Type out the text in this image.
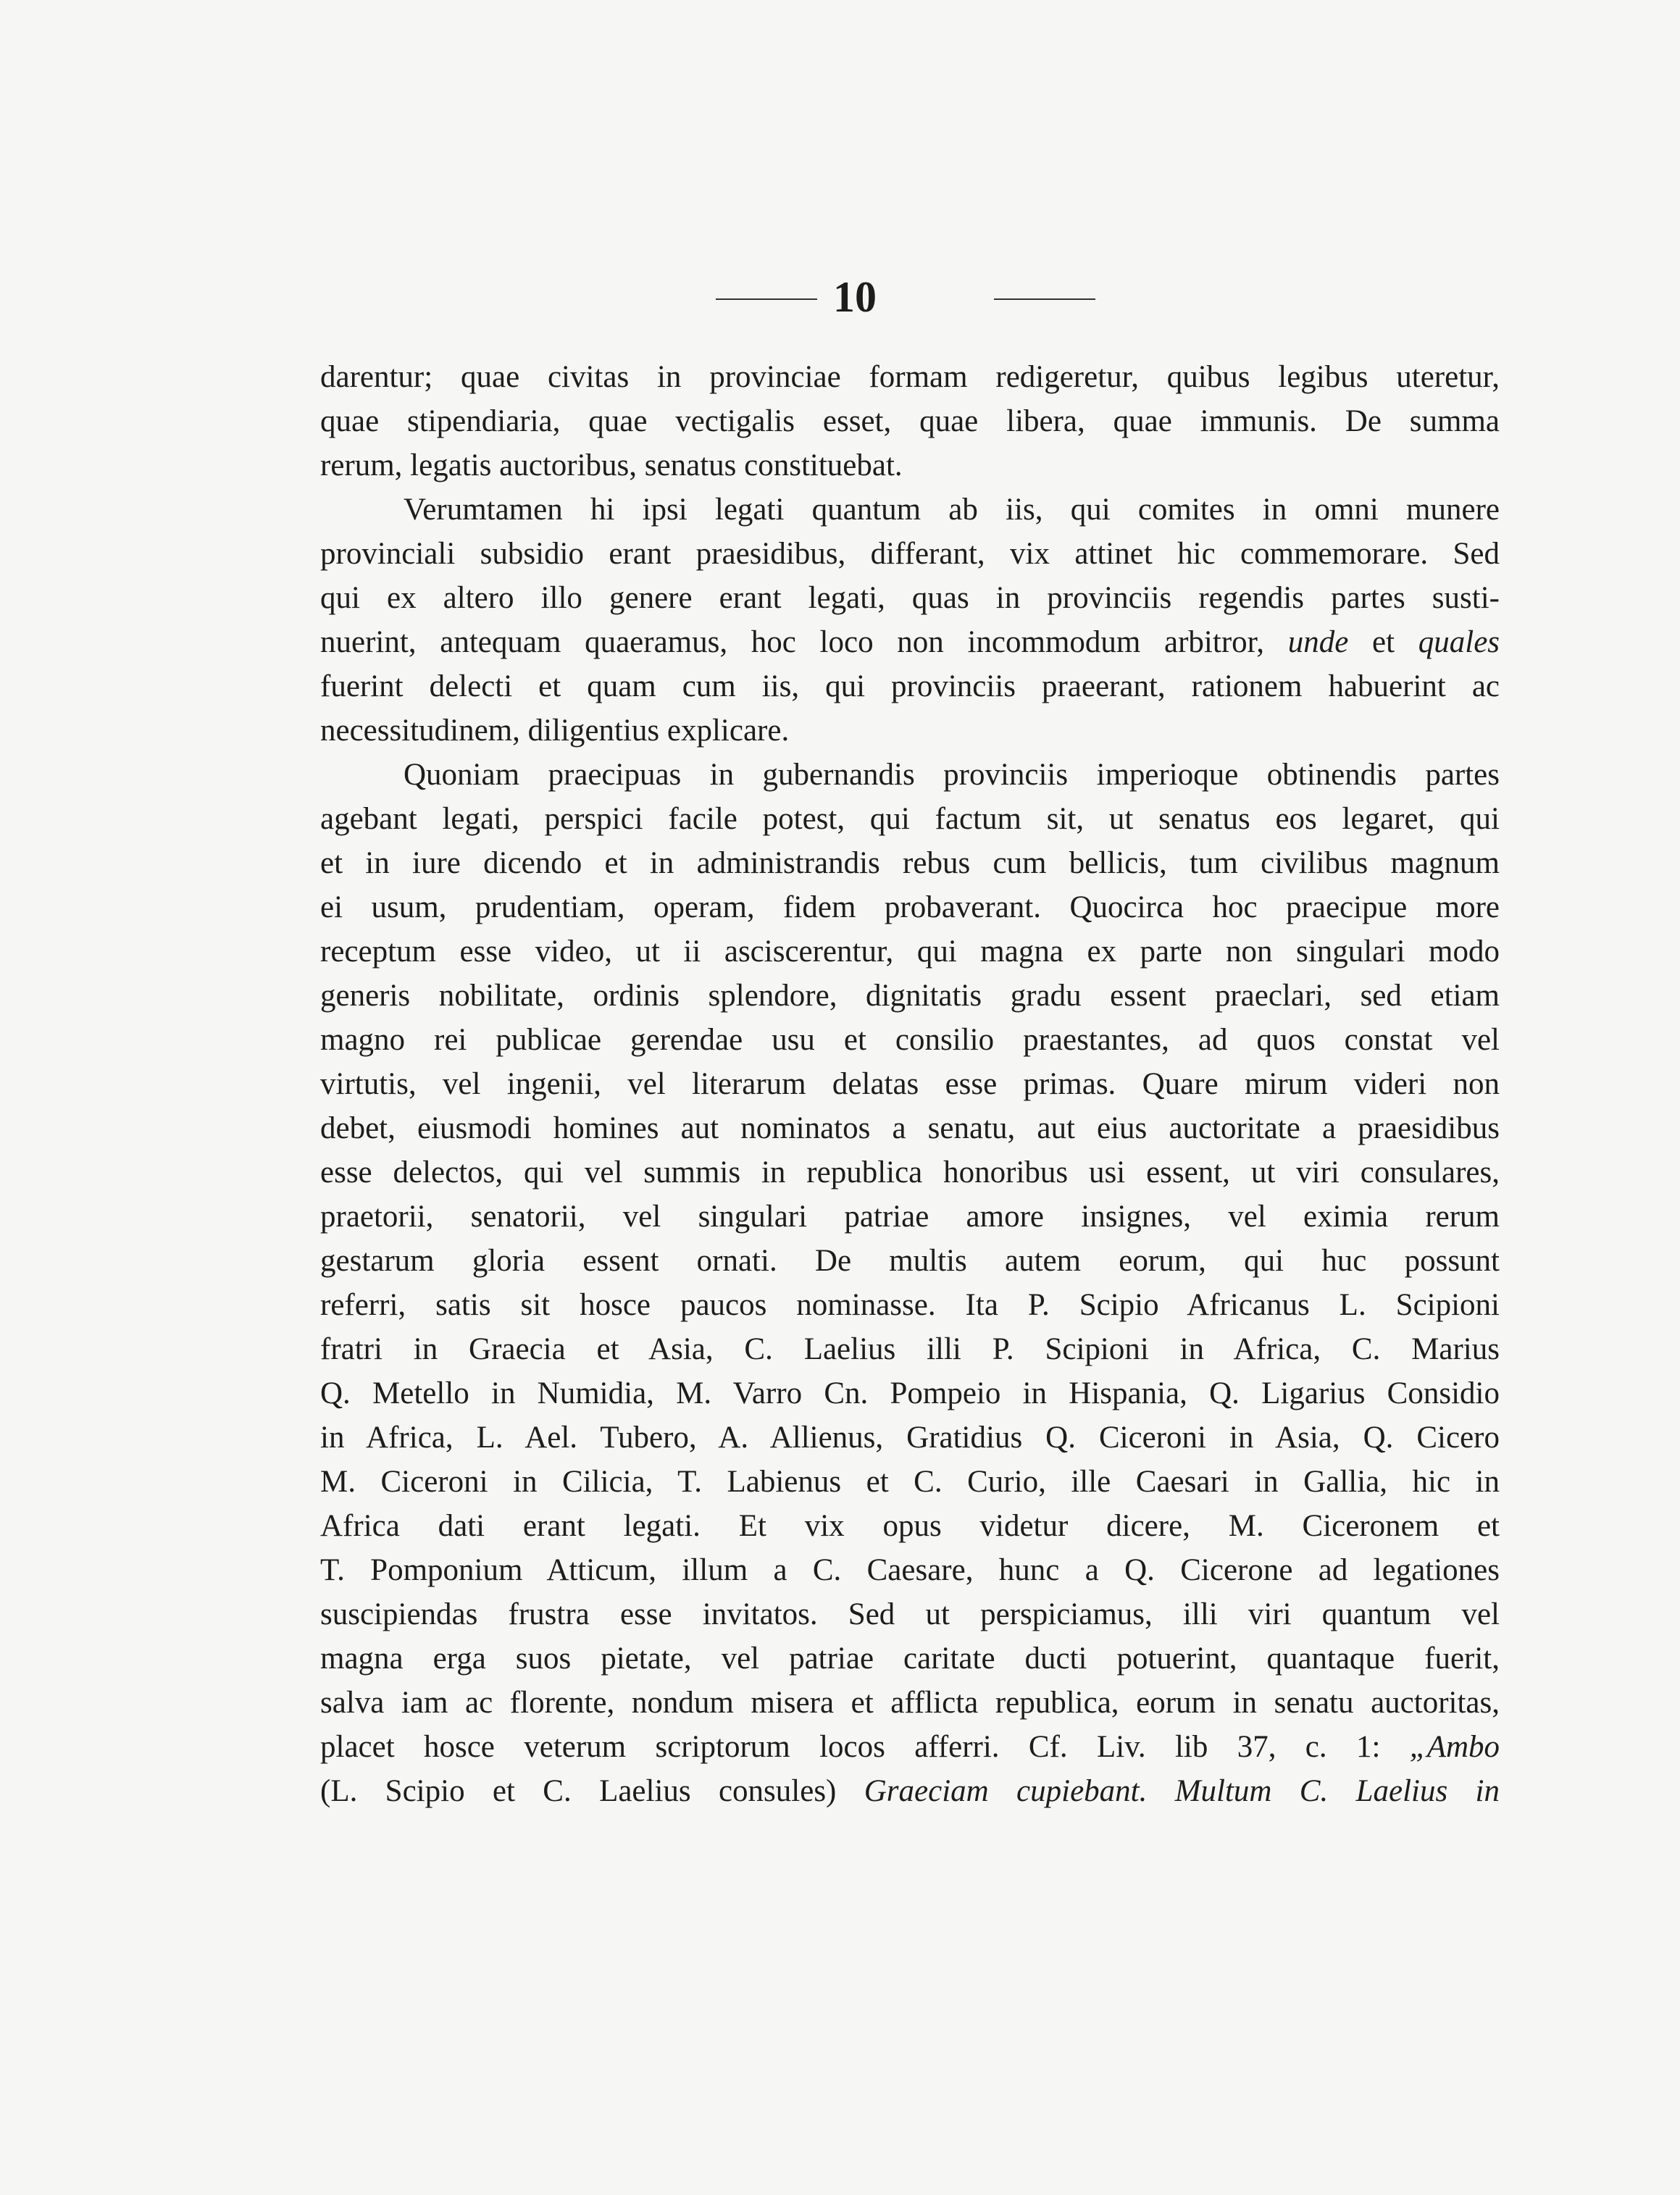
10
darentur; quae civitas in provinciae formam redigeretur, quibus legibus uteretur,
quae stipendiaria, quae vectigalis esset, quae libera, quae immunis. De summa
rerum, legatis auctoribus, senatus constituebat.
Verumtamen hi ipsi legati quantum ab iis, qui comites in omni munere
provinciali subsidio erant praesidibus, differant, vix attinet hic commemorare. Sed
qui ex altero illo genere erant legati, quas in provinciis regendis partes susti-
nuerint, antequam quaeramus, hoc loco non incommodum arbitror, unde et quales
fuerint delecti et quam cum iis, qui provinciis praeerant, rationem habuerint ac
necessitudinem, diligentius explicare.
Quoniam praecipuas in gubernandis provinciis imperioque obtinendis partes
agebant legati, perspici facile potest, qui factum sit, ut senatus eos legaret, qui
et in iure dicendo et in administrandis rebus cum bellicis, tum civilibus magnum
ei usum, prudentiam, operam, fidem probaverant. Quocirca hoc praecipue more
receptum esse video, ut ii asciscerentur, qui magna ex parte non singulari modo
generis nobilitate, ordinis splendore, dignitatis gradu essent praeclari, sed etiam
magno rei publicae gerendae usu et consilio praestantes, ad quos constat vel
virtutis, vel ingenii, vel literarum delatas esse primas. Quare mirum videri non
debet, eiusmodi homines aut nominatos a senatu, aut eius auctoritate a praesidibus
esse delectos, qui vel summis in republica honoribus usi essent, ut viri consulares,
praetorii, senatorii, vel singulari patriae amore insignes, vel eximia rerum
gestarum gloria essent ornati. De multis autem eorum, qui huc possunt
referri, satis sit hosce paucos nominasse. Ita P. Scipio Africanus L. Scipioni
fratri in Graecia et Asia, C. Laelius illi P. Scipioni in Africa, C. Marius
Q. Metello in Numidia, M. Varro Cn. Pompeio in Hispania, Q. Ligarius Considio
in Africa, L. Ael. Tubero, A. Allienus, Gratidius Q. Ciceroni in Asia, Q. Cicero
M. Ciceroni in Cilicia, T. Labienus et C. Curio, ille Caesari in Gallia, hic in
Africa dati erant legati. Et vix opus videtur dicere, M. Ciceronem et
T. Pomponium Atticum, illum a C. Caesare, hunc a Q. Cicerone ad legationes
suscipiendas frustra esse invitatos. Sed ut perspiciamus, illi viri quantum vel
magna erga suos pietate, vel patriae caritate ducti potuerint, quantaque fuerit,
salva iam ac florente, nondum misera et afflicta republica, eorum in senatu auctoritas,
placet hosce veterum scriptorum locos afferri. Cf. Liv. lib 37, c. 1: „Ambo
(L. Scipio et C. Laelius consules) Graeciam cupiebant. Multum C. Laelius in
